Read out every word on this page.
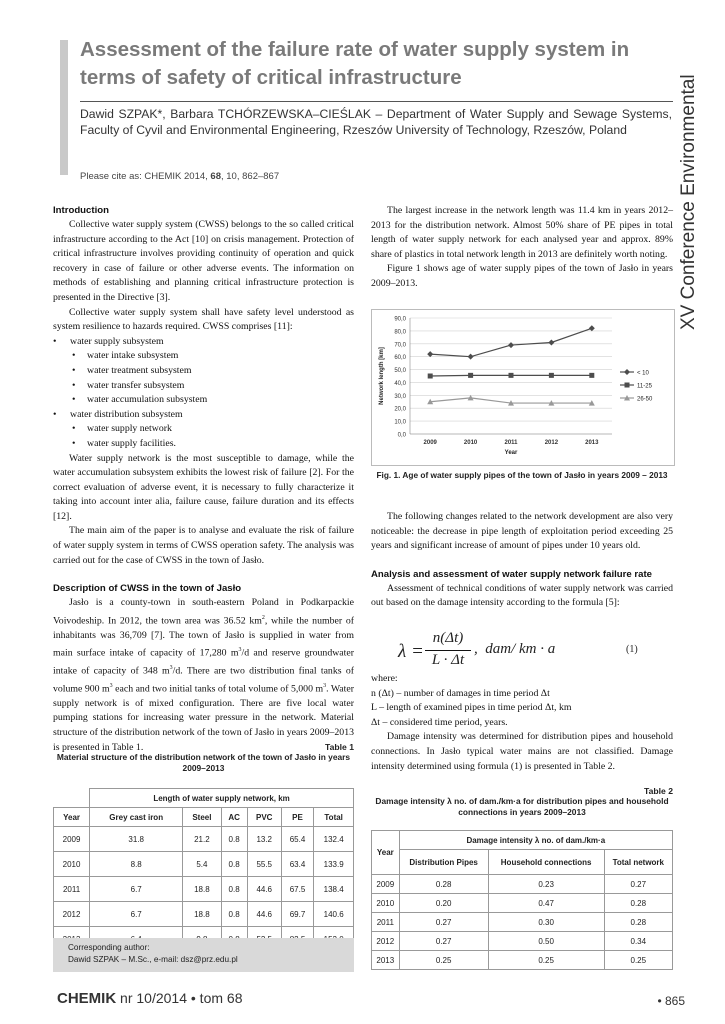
Assessment of the failure rate of water supply system in terms of safety of critical infrastructure
Dawid SZPAK*, Barbara TCHÓRZEWSKA–CIEŚLAK – Department of Water Supply and Sewage Systems, Faculty of Cyvil and Environmental Engineering, Rzeszów University of Technology, Rzeszów, Poland
Please cite as: CHEMIK 2014, 68, 10, 862–867	XV Conference Environmental
Introduction

Collective water supply system (CWSS) belongs to the so called critical infrastructure according to the Act [10] on crisis management. Protection of critical infrastructure involves providing continuity of operation and quick recovery in case of failure or other adverse events. The information on methods of establishing and planning critical infrastructure protection is presented in the Directive [3].

Collective water supply system shall have safety level understood as system resilience to hazards required. CWSS comprises [11]:

• water supply subsystem
• water intake subsystem
• water treatment subsystem
• water transfer subsystem
• water accumulation subsystem
• water distribution subsystem
• water supply network
• water supply facilities.

Water supply network is the most susceptible to damage, while the water accumulation subsystem exhibits the lowest risk of failure [2]. For the correct evaluation of adverse event, it is necessary to fully characterize it taking into account inter alia, failure cause, failure duration and its effects [12].

The main aim of the paper is to analyse and evaluate the risk of failure of water supply system in terms of CWSS operation safety. The analysis was carried out for the case of CWSS in the town of Jasło.

Description of CWSS in the town of Jasło

Jasło is a county-town in south-eastern Poland in Podkarpackie Voivodeship. In 2012, the town area was 36.52 $km^2$, while the number of inhabitants was 36,709 [7]. The town of Jasło is supplied in water from main surface intake of capacity of 17,280 $m^3/d$ and reserve groundwater intake of capacity of 348 $m^3/d$. There are two distribution final tanks of volume 900 $m^3$ each and two initial tanks of total volume of 5,000 $m^3$. Water supply network is of mixed configuration. There are five local water pumping stations for increasing water pressure in the network. Material structure of the distribution network of the town of Jasło in years 2009–2013 is presented in Table 1.	Table 1
Material structure of the distribution network of the town of Jasło in years 2009–2013
	Length of water supply network, km					
Year	Grey cast iron	Steel	AC	PVC	PE	Total
2009	31.8	21.2	0.8	13.2	65.4	132.4
2010	8.8	5.4	0.8	55.5	63.4	133.9
2011	6.7	18.8	0.8	44.6	67.5	138.4
2012	6.7	18.8	0.8	44.6	69.7	140.6

Corresponding author:
Dawid SZPAK – M.Sc., e-mail: dsz@prz.edu.pl

The largest increase in the network length was 11.4 km in years 2012–2013 for the distribution network. Almost 50% share of PE pipes in total length of water supply network for each analysed year and approx. 89% share of plastics in total network length in 2013 are definitely worth noting.

Figure 1 shows age of water supply pipes of the town of Jasło in years 2009–2013.

0,0
10,0
20,0
30,0
40,0
50,0
60,0
70,0
80,0
90,0
2009	2010	2011	2012	2013
Year
Network length [km]	< 10
11-25
26-50
Fig. 1. Age of water supply pipes of the town of Jasło in years 2009 – 2013

The following changes related to the network development are also very noticeable: the decrease in pipe length of exploitation period exceeding 25 years and significant increase of amount of pipes under 10 years old.

Analysis and assessment of water supply network failure rate

Assessment of technical conditions of water supply network was carried out based on the damage intensity according to the formula [5]:

λ =
n(Δt)
L · Δt
,  dam/ km · a	(1)

where:

n (Δt) – number of damages in time period Δt

L – length of examined pipes in time period Δt, km

Δt – considered time period, years.

Damage intensity was determined for distribution pipes and household connections. In Jasło typical water mains are not classified. Damage intensity determined using formula (1) is presented in Table 2.

Table 2
Damage intensity λ no. of dam./km·a for distribution pipes and household connections in years 2009–2013
Year	Damage intensity λ no. of dam./km·a		
	Distribution Pipes	Household connections	Total network
2009	0.28	0.23	0.27
2010	0.20	0.47	0.28
2011	0.27	0.30	0.28
2012	0.27	0.50	0.34
2013	0.25	0.25	0.25
CHEMIK nr 10/2014 • tom 68	• 865
